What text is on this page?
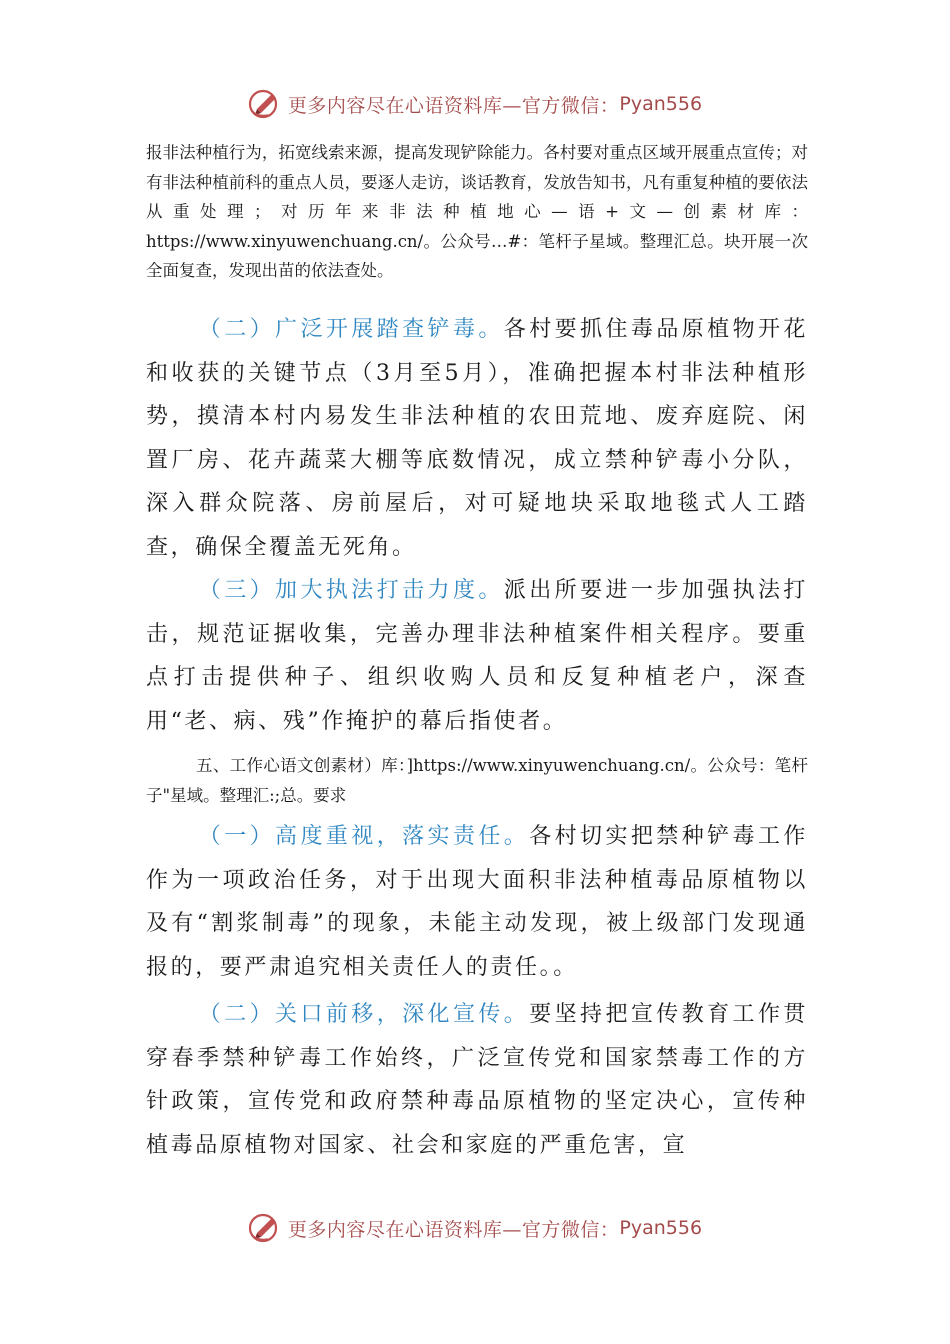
更多内容尽在心语资料库—官方微信： Pyan556

报非法种植行为，拓宽线索来源，提高发现铲除能力。各村要对重点区域开展重点宣传；对有非法种植前科的重点人员，要逐人走访，谈话教育，发放告知书，凡有重复种植的要依法从重处理；对历年来非法种植地心—语+文—创素材库：https://www.xinyuwenchuang.cn/。公众号…#：笔杆子星域。整理汇总。块开展一次全面复查，发现出苗的依法查处。

（二）广泛开展踏查铲毒。各村要抓住毒品原植物开花和收获的关键节点（3月至5月），准确把握本村非法种植形势，摸清本村内易发生非法种植的农田荒地、废弃庭院、闲置厂房、花卉蔬菜大棚等底数情况，成立禁种铲毒小分队，深入群众院落、房前屋后，对可疑地块采取地毯式人工踏查，确保全覆盖无死角。

（三）加大执法打击力度。派出所要进一步加强执法打击，规范证据收集，完善办理非法种植案件相关程序。要重点打击提供种子、组织收购人员和反复种植老户，深查用“老、病、残”作掩护的幕后指使者。

五、工作心语文创素材）库：]https://www.xinyuwenchuang.cn/。公众号：笔杆子"星域。整理汇:;总。要求

（一）高度重视，落实责任。各村切实把禁种铲毒工作作为一项政治任务，对于出现大面积非法种植毒品原植物以及有“割浆制毒”的现象，未能主动发现，被上级部门发现通报的，要严肃追究相关责任人的责任。。

（二）关口前移，深化宣传。要坚持把宣传教育工作贯穿春季禁种铲毒工作始终，广泛宣传党和国家禁毒工作的方针政策，宣传党和政府禁种毒品原植物的坚定决心，宣传种植毒品原植物对国家、社会和家庭的严重危害，宣

更多内容尽在心语资料库—官方微信： Pyan556
